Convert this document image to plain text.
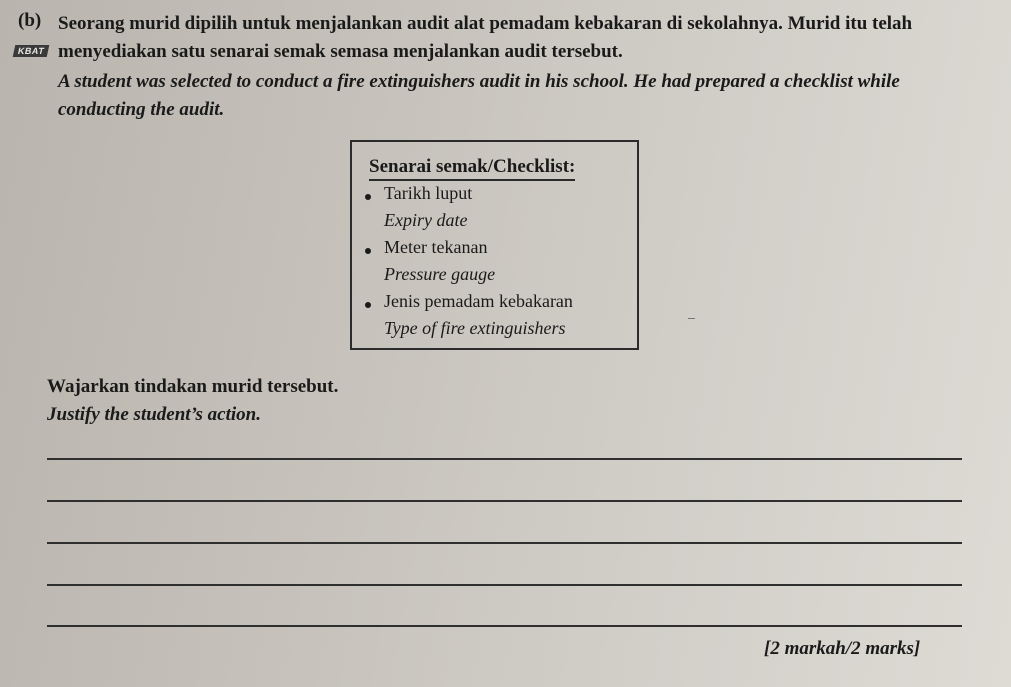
(b)
KBAT
Seorang murid dipilih untuk menjalankan audit alat pemadam kebakaran di sekolahnya. Murid itu telah menyediakan satu senarai semak semasa menjalankan audit tersebut.
A student was selected to conduct a fire extinguishers audit in his school. He had prepared a checklist while conducting the audit.
Senarai semak/Checklist:
Tarikh luput
Expiry date
Meter tekanan
Pressure gauge
Jenis pemadam kebakaran
Type of fire extinguishers
Wajarkan tindakan murid tersebut.
Justify the student’s action.
[2 markah/2 marks]
